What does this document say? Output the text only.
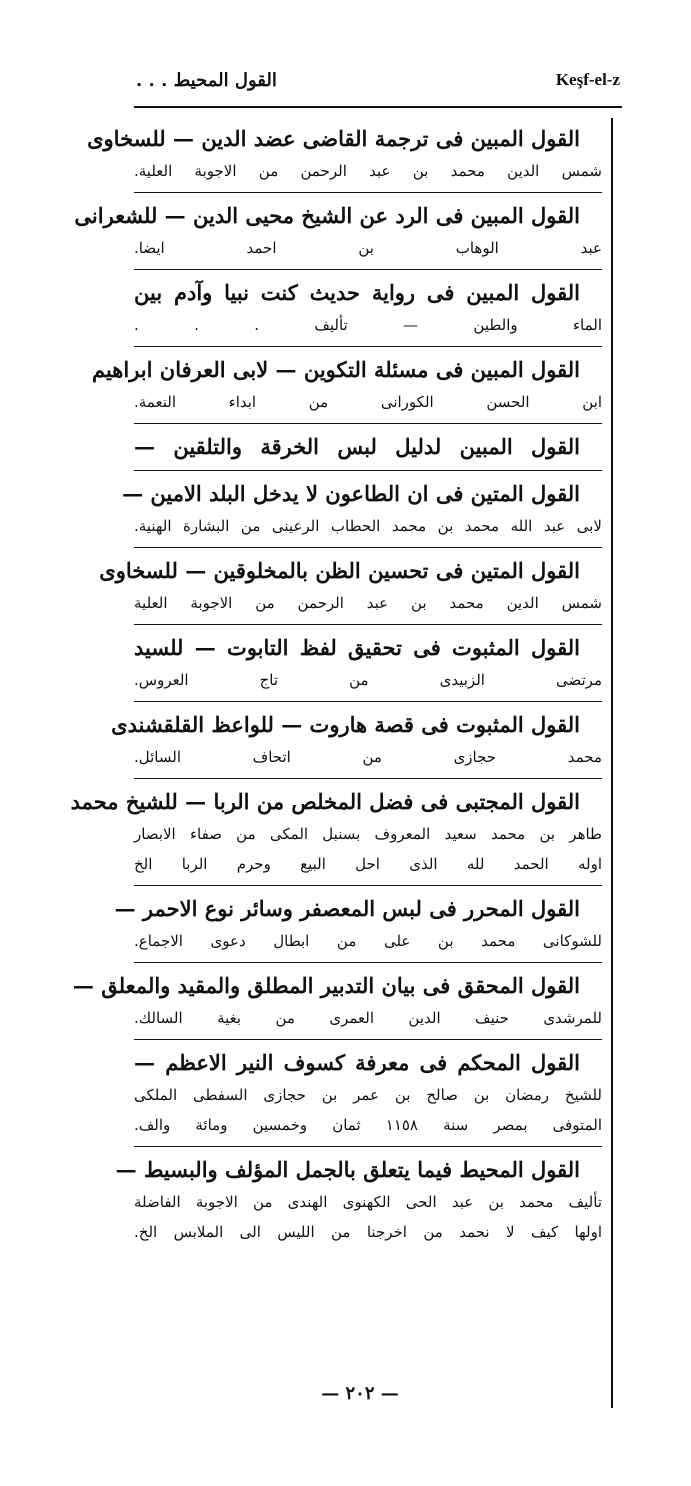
القول المحيط . . .	Keşf-el-z
القول المبين فى ترجمة القاضى عضد الدين — للسخاوى
شمس الدين محمد بن عبد الرحمن من الاجوبة العلية.
القول المبين فى الرد عن الشيخ محيى الدين — للشعرانى
عبد الوهاب بن احمد ايضا.
القول المبين فى رواية حديث كنت نبيا وآدم بين
الماء والطين — تأليف . . .
القول المبين فى مسئلة التكوين — لابى العرفان ابراهيم
ابن الحسن الكورانى من ابداء النعمة.
القول المبين لدليل لبس الخرقة والتلقين —
القول المتين فى ان الطاعون لا يدخل البلد الامين —
لابى عبد الله محمد بن محمد الحطاب الرعينى من البشارة الهنية.
القول المتين فى تحسين الظن بالمخلوقين — للسخاوى
شمس الدين محمد بن عبد الرحمن من الاجوبة العلية
القول المثبوت فى تحقيق لفظ التابوت — للسيد
مرتضى الزبيدى من تاج العروس.
القول المثبوت فى قصة هاروت — للواعظ القلقشندى
محمد حجازى من اتحاف السائل.
القول المجتبى فى فضل المخلص من الربا — للشيخ محمد
طاهر بن محمد سعيد المعروف بسنبل المكى من صفاء الابصار
اوله الحمد لله الذى احل البيع وحرم الربا الخ
القول المحرر فى لبس المعصفر وسائر نوع الاحمر —
للشوكانى محمد بن على من ابطال دعوى الاجماع.
القول المحقق فى بيان التدبير المطلق والمقيد والمعلق —
للمرشدى حنيف الدين العمرى من بغية السالك.
القول المحكم فى معرفة كسوف النير الاعظم —
للشيخ رمضان بن صالح بن عمر بن حجازى السفطى الملكى
المتوفى بمصر سنة ١١٥٨ ثمان وخمسين ومائة والف.
القول المحيط فيما يتعلق بالجمل المؤلف والبسيط —
تأليف محمد بن عبد الحى الكهنوى الهندى من الاجوبة الفاضلة
اولها كيف لا نحمد من اخرجنا من الليس الى الملابس الخ.
— ٢٠٢ —
